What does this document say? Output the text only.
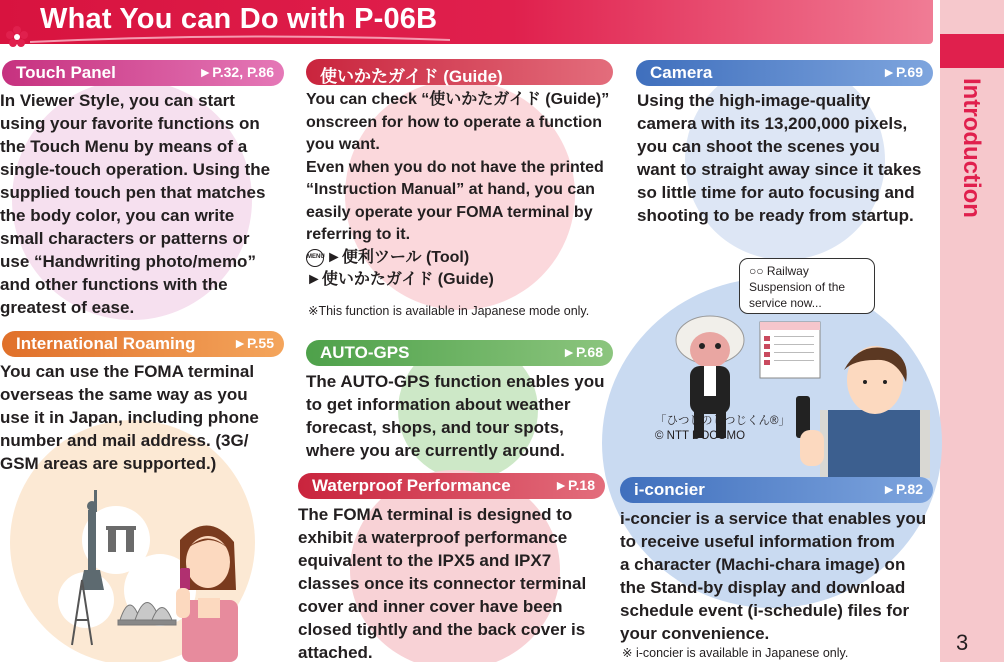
What You can Do with P-06B
Introduction
3
Touch Panel	►P.32, P.86
In Viewer Style, you can start
using your favorite functions on
the Touch Menu by means of a
single-touch operation. Using the
supplied touch pen that matches
the body color, you can write
small characters or patterns or
use “Handwriting photo/memo”
and other functions with the
greatest of ease.
International Roaming	►P.55
You can use the FOMA terminal
overseas the same way as you
use it in Japan, including phone
number and mail address. (3G/
GSM areas are supported.)
使いかたガイド (Guide)
You can check “使いかたガイド (Guide)”
onscreen for how to operate a function
you want.
Even when you do not have the printed
“Instruction Manual” at hand, you can
easily operate your FOMA terminal by
referring to it.
MENU ►便利ツール (Tool)
►使いかたガイド (Guide)
※This function is available in Japanese mode only.
AUTO-GPS	►P.68
The AUTO-GPS function enables you
to get information about weather
forecast, shops, and tour spots,
where you are currently around.
Waterproof Performance	►P.18
The FOMA terminal is designed to
exhibit a waterproof performance
equivalent to the IPX5 and IPX7
classes once its connector terminal
cover and inner cover have been
closed tightly and the back cover is
attached.
Camera	►P.69
Using the high-image-quality
camera with its 13,200,000 pixels,
you can shoot the scenes you
want to straight away since it takes
so little time for auto focusing and
shooting to be ready from startup.
○○ Railway
Suspension of the
service now...
「ひつじのしつじくん®」
© NTT DOCOMO
i-concier	►P.82
i-concier is a service that enables you
to receive useful information from
a character (Machi-chara image) on
the Stand-by display and download
schedule event (i-schedule) files for
your convenience.
※ i-concier is available in Japanese only.
